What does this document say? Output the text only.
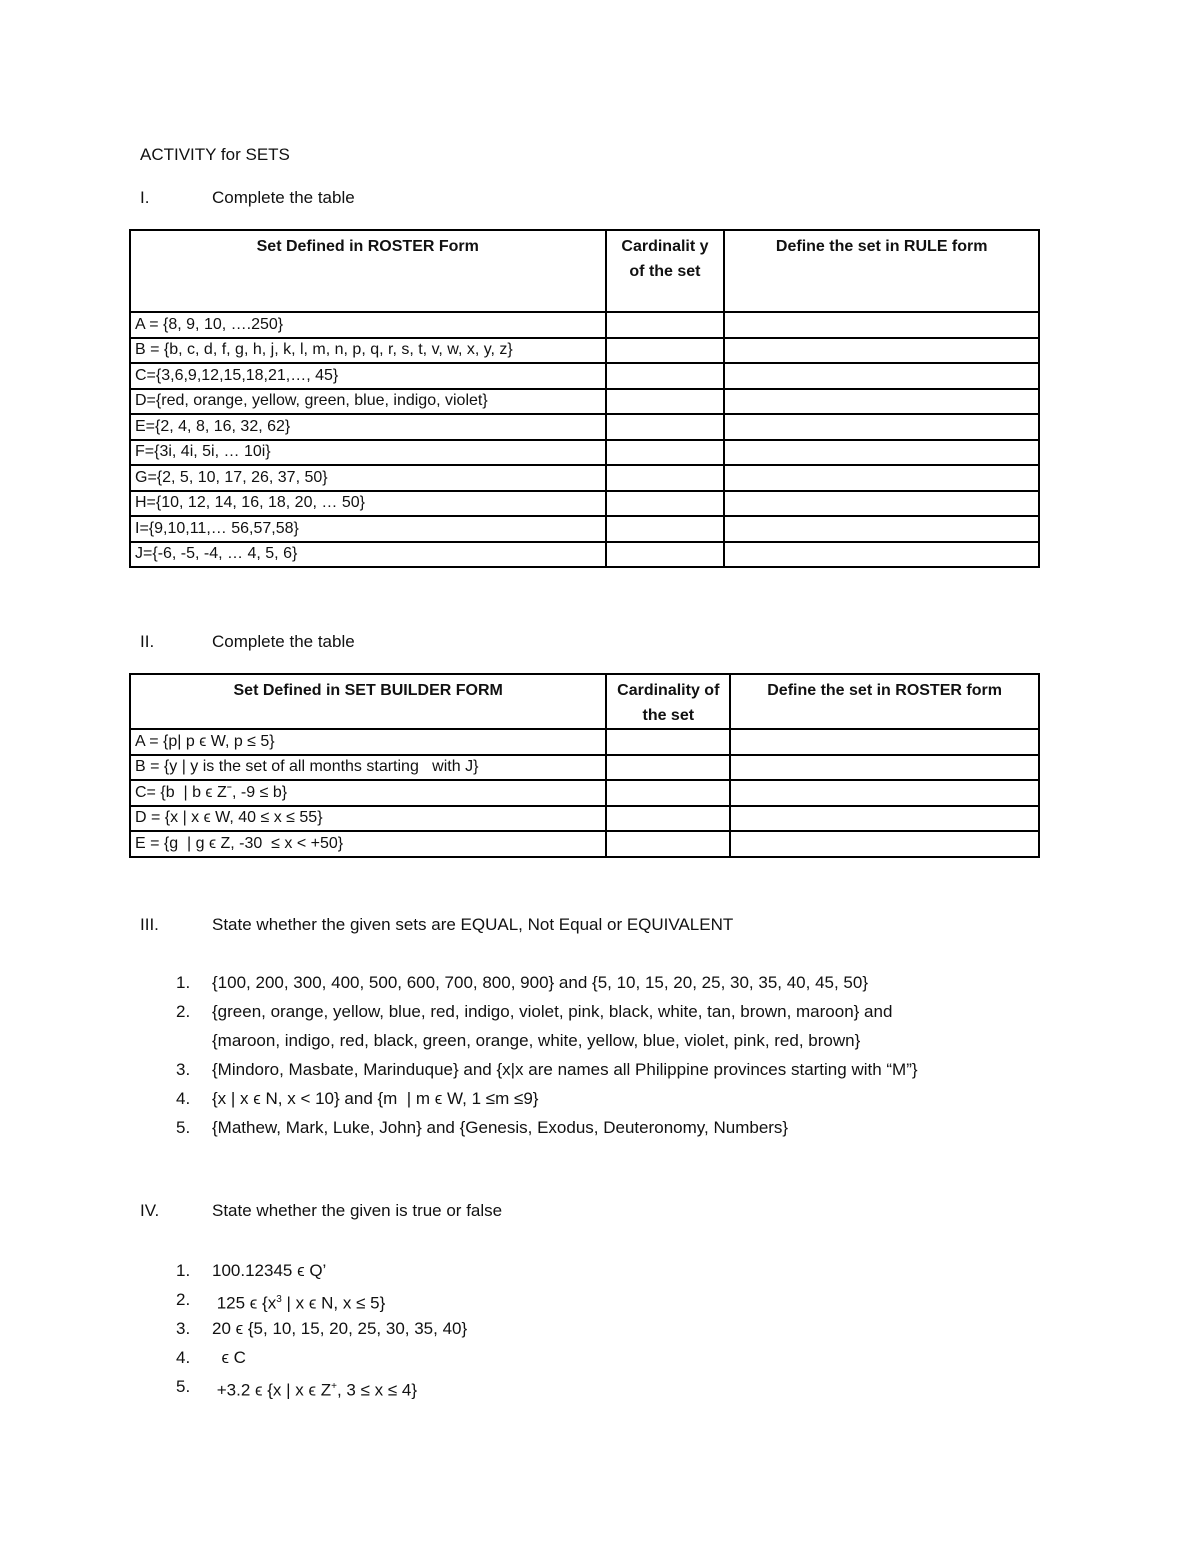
ACTIVITY for SETS
I.	Complete the table
Set Defined in ROSTER Form	Cardinalit y of the set	Define the set in RULE form
A = {8, 9, 10, ….250}		
B = {b, c, d, f, g, h, j, k, l, m, n, p, q, r, s, t, v, w, x, y, z}		
C={3,6,9,12,15,18,21,…, 45}		
D={red, orange, yellow, green, blue, indigo, violet}		
E={2, 4, 8, 16, 32, 62}		
F={3i, 4i, 5i, … 10i}		
G={2, 5, 10, 17, 26, 37, 50}		
H={10, 12, 14, 16, 18, 20, … 50}		
I={9,10,11,… 56,57,58}		
J={-6, -5, -4, … 4, 5, 6}		
II.	Complete the table
Set Defined in SET BUILDER FORM	Cardinality of the set	Define the set in ROSTER form
A = {p| p ϵ W, p ≤ 5}		
B = {y | y is the set of all months starting   with J}		
C= {b  | b ϵ Zˉ, -9 ≤ b}		
D = {x | x ϵ W, 40 ≤ x ≤ 55}		
E = {g  | g ϵ Z, -30  ≤ x < +50}		
III.	State whether the given sets are EQUAL, Not Equal or EQUIVALENT
1.	{100, 200, 300, 400, 500, 600, 700, 800, 900} and {5, 10, 15, 20, 25, 30, 35, 40, 45, 50}
2.	{green, orange, yellow, blue, red, indigo, violet, pink, black, white, tan, brown, maroon} and
{maroon, indigo, red, black, green, orange, white, yellow, blue, violet, pink, red, brown}
3.	{Mindoro, Masbate, Marinduque} and {x|x are names all Philippine provinces starting with “M”}
4.	{x | x ϵ N, x < 10} and {m  | m ϵ W, 1 ≤m ≤9}
5.	{Mathew, Mark, Luke, John} and {Genesis, Exodus, Deuteronomy, Numbers}
IV.	State whether the given is true or false
1.	100.12345 ϵ Q’
2.	125 ϵ {$x^3$ | x ϵ N, x ≤ 5}
3.	20 ϵ {5, 10, 15, 20, 25, 30, 35, 40}
4.	ϵ C
5.	+3.2 ϵ {x | x ϵ Z+, 3 ≤ x ≤ 4}
